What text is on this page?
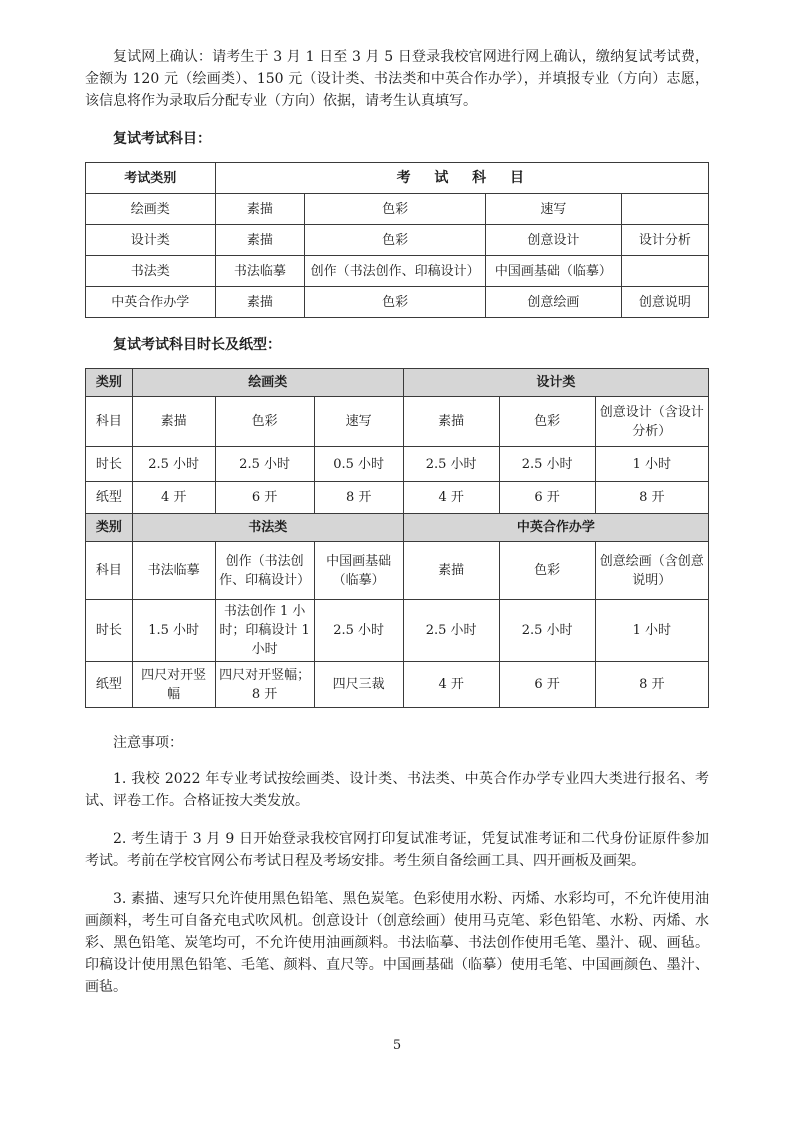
复试网上确认：请考生于 3 月 1 日至 3 月 5 日登录我校官网进行网上确认，缴纳复试考试费，金额为 120 元（绘画类）、150 元（设计类、书法类和中英合作办学），并填报专业（方向）志愿，该信息将作为录取后分配专业（方向）依据，请考生认真填写。

复试考试科目：

考试类别	考试科目			
绘画类	素描	色彩	速写	
设计类	素描	色彩	创意设计	设计分析
书法类	书法临摹	创作（书法创作、印稿设计）	中国画基础（临摹）	
中英合作办学	素描	色彩	创意绘画	创意说明

复试考试科目时长及纸型：

类别	绘画类			设计类		
科目	素描	色彩	速写	素描	色彩	创意设计（含设计分析）
时长	2.5 小时	2.5 小时	0.5 小时	2.5 小时	2.5 小时	1 小时
纸型	4 开	6 开	8 开	4 开	6 开	8 开
类别	书法类			中英合作办学		
科目	书法临摹	创作（书法创作、印稿设计）	中国画基础（临摹）	素描	色彩	创意绘画（含创意说明）
时长	1.5 小时	书法创作 1 小时；印稿设计 1 小时	2.5 小时	2.5 小时	2.5 小时	1 小时
纸型	四尺对开竖幅	四尺对开竖幅；8 开	四尺三裁	4 开	6 开	8 开

注意事项：

1. 我校 2022 年专业考试按绘画类、设计类、书法类、中英合作办学专业四大类进行报名、考试、评卷工作。合格证按大类发放。

2. 考生请于 3 月 9 日开始登录我校官网打印复试准考证，凭复试准考证和二代身份证原件参加考试。考前在学校官网公布考试日程及考场安排。考生须自备绘画工具、四开画板及画架。

3. 素描、速写只允许使用黑色铅笔、黑色炭笔。色彩使用水粉、丙烯、水彩均可，不允许使用油画颜料，考生可自备充电式吹风机。创意设计（创意绘画）使用马克笔、彩色铅笔、水粉、丙烯、水彩、黑色铅笔、炭笔均可，不允许使用油画颜料。书法临摹、书法创作使用毛笔、墨汁、砚、画毡。印稿设计使用黑色铅笔、毛笔、颜料、直尺等。中国画基础（临摹）使用毛笔、中国画颜色、墨汁、画毡。

5
